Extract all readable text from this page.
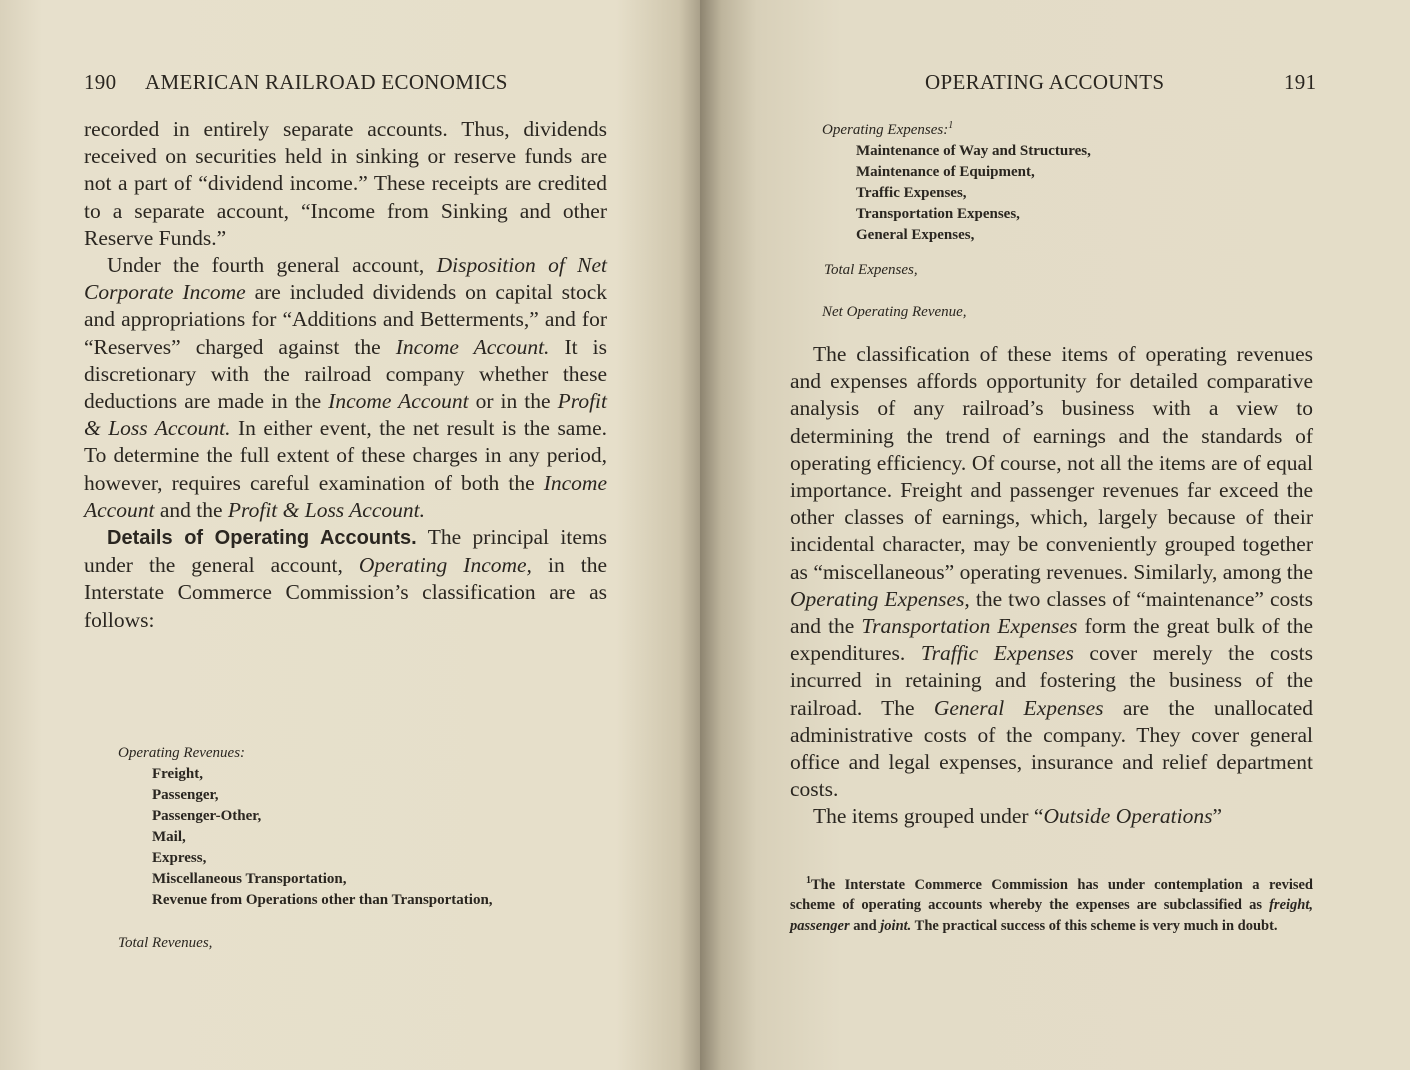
190 AMERICAN RAILROAD ECONOMICS

recorded in entirely separate accounts. Thus, dividends received on securities held in sinking or reserve funds are not a part of “dividend income.” These receipts are credited to a separate account, “Income from Sinking and other Reserve Funds.”

Under the fourth general account, Disposition of Net Corporate Income are included dividends on capital stock and appropriations for “Additions and Betterments,” and for “Reserves” charged against the Income Account. It is discretionary with the railroad company whether these deductions are made in the Income Account or in the Profit & Loss Account. In either event, the net result is the same. To determine the full extent of these charges in any period, however, requires careful examination of both the Income Account and the Profit & Loss Account.

Details of Operating Accounts. The principal items under the general account, Operating Income, in the Interstate Commerce Commission’s classification are as follows:

Operating Revenues:
Freight,
Passenger,
Passenger-Other,
Mail,
Express,
Miscellaneous Transportation,
Revenue from Operations other than Transportation,
Total Revenues,
OPERATING ACCOUNTS	191
Operating Expenses:$^1$
Maintenance of Way and Structures,
Maintenance of Equipment,
Traffic Expenses,
Transportation Expenses,
General Expenses,
Total Expenses,
Net Operating Revenue,

The classification of these items of operating revenues and expenses affords opportunity for detailed comparative analysis of any railroad’s business with a view to determining the trend of earnings and the standards of operating efficiency. Of course, not all the items are of equal importance. Freight and passenger revenues far exceed the other classes of earnings, which, largely because of their incidental character, may be conveniently grouped together as “miscellaneous” operating revenues. Similarly, among the Operating Expenses, the two classes of “maintenance” costs and the Transportation Expenses form the great bulk of the expenditures. Traffic Expenses cover merely the costs incurred in retaining and fostering the business of the railroad. The General Expenses are the unallocated administrative costs of the company. They cover general office and legal expenses, insurance and relief department costs.

The items grouped under “Outside Operations”

$^1$The Interstate Commerce Commission has under contemplation a revised scheme of operating accounts whereby the expenses are subclassified as freight, passenger and joint. The practical success of this scheme is very much in doubt.
